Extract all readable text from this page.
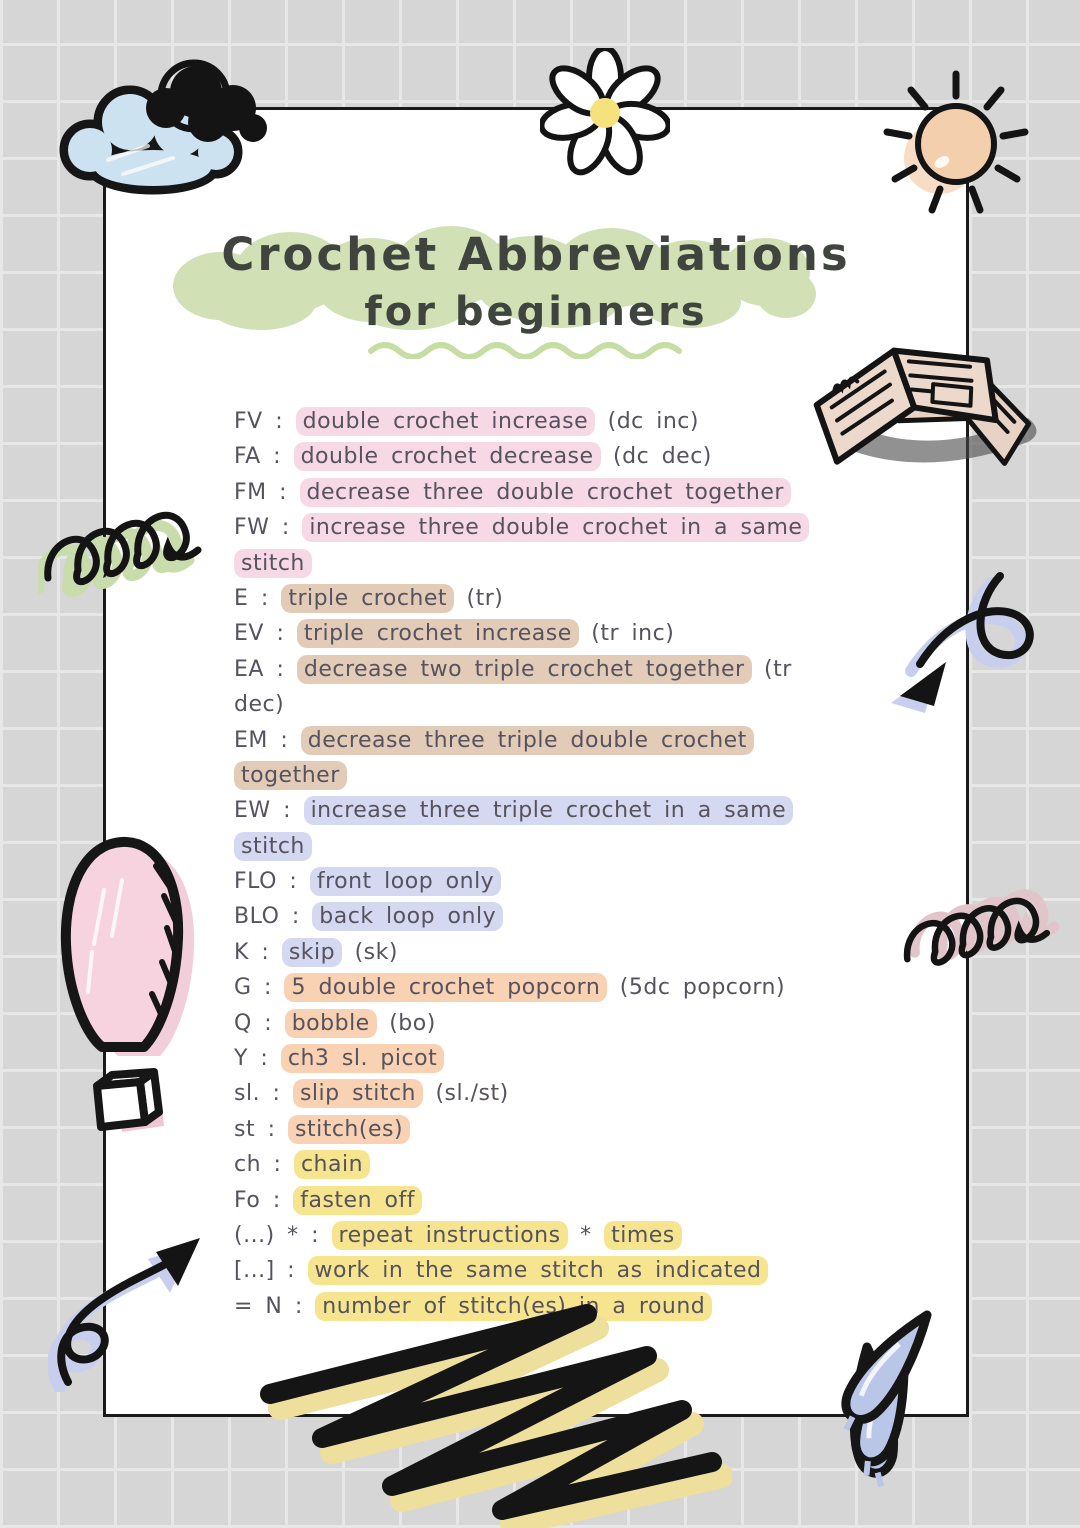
Crochet Abbreviations
for beginners
FV : double crochet increase (dc inc)
FA : double crochet decrease (dc dec)
FM : decrease three double crochet together
FW : increase three double crochet in a same
stitch
E : triple crochet (tr)
EV : triple crochet increase (tr inc)
EA : decrease two triple crochet together (tr
dec)
EM : decrease three triple double crochet
together
EW : increase three triple crochet in a same
stitch
FLO : front loop only
BLO : back loop only
K : skip (sk)
G : 5 double crochet popcorn (5dc popcorn)
Q : bobble (bo)
Y : ch3 sl. picot
sl. : slip stitch (sl./st)
st : stitch(es)
ch : chain
Fo : fasten off
(...) * : repeat instructions * times
[...] : work in the same stitch as indicated
= N : number of stitch(es) in a round
